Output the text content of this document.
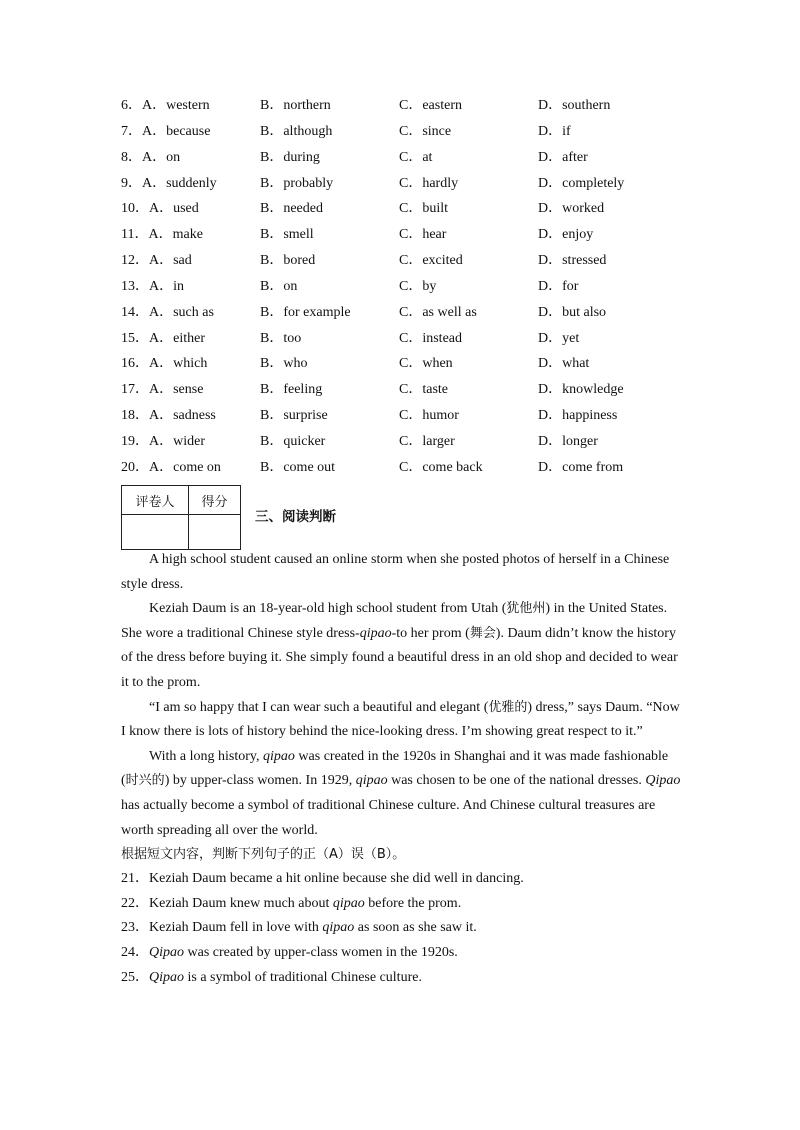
6．A．western	B．northern	C．eastern	D．southern
7．A．because	B．although	C．since	D．if
8．A．on	B．during	C．at	D．after
9．A．suddenly	B．probably	C．hardly	D．completely
10．A．used	B．needed	C．built	D．worked
11．A．make	B．smell	C．hear	D．enjoy
12．A．sad	B．bored	C．excited	D．stressed
13．A．in	B．on	C．by	D．for
14．A．such as	B．for example	C．as well as	D．but also
15．A．either	B．too	C．instead	D．yet
16．A．which	B．who	C．when	D．what
17．A．sense	B．feeling	C．taste	D．knowledge
18．A．sadness	B．surprise	C．humor	D．happiness
19．A．wider	B．quicker	C．larger	D．longer
20．A．come on	B．come out	C．come back	D．come from
评卷人	得分

三、阅读判断

A high school student caused an online storm when she posted photos of herself in a Chinese style dress.

Keziah Daum is an 18-year-old high school student from Utah (犹他州) in the United States. She wore a traditional Chinese style dress-qipao-to her prom (舞会). Daum didn’t know the history of the dress before buying it. She simply found a beautiful dress in an old shop and decided to wear it to the prom.

“I am so happy that I can wear such a beautiful and elegant (优雅的) dress,” says Daum. “Now I know there is lots of history behind the nice-looking dress. I’m showing great respect to it.”

With a long history, qipao was created in the 1920s in Shanghai and it was made fashionable (时兴的) by upper-class women. In 1929, qipao was chosen to be one of the national dresses. Qipao has actually become a symbol of traditional Chinese culture. And Chinese cultural treasures are worth spreading all over the world.

根据短文内容，判断下列句子的正（A）误（B）。

21．Keziah Daum became a hit online because she did well in dancing.

22．Keziah Daum knew much about qipao before the prom.

23．Keziah Daum fell in love with qipao as soon as she saw it.

24．Qipao was created by upper-class women in the 1920s.

25．Qipao is a symbol of traditional Chinese culture.
